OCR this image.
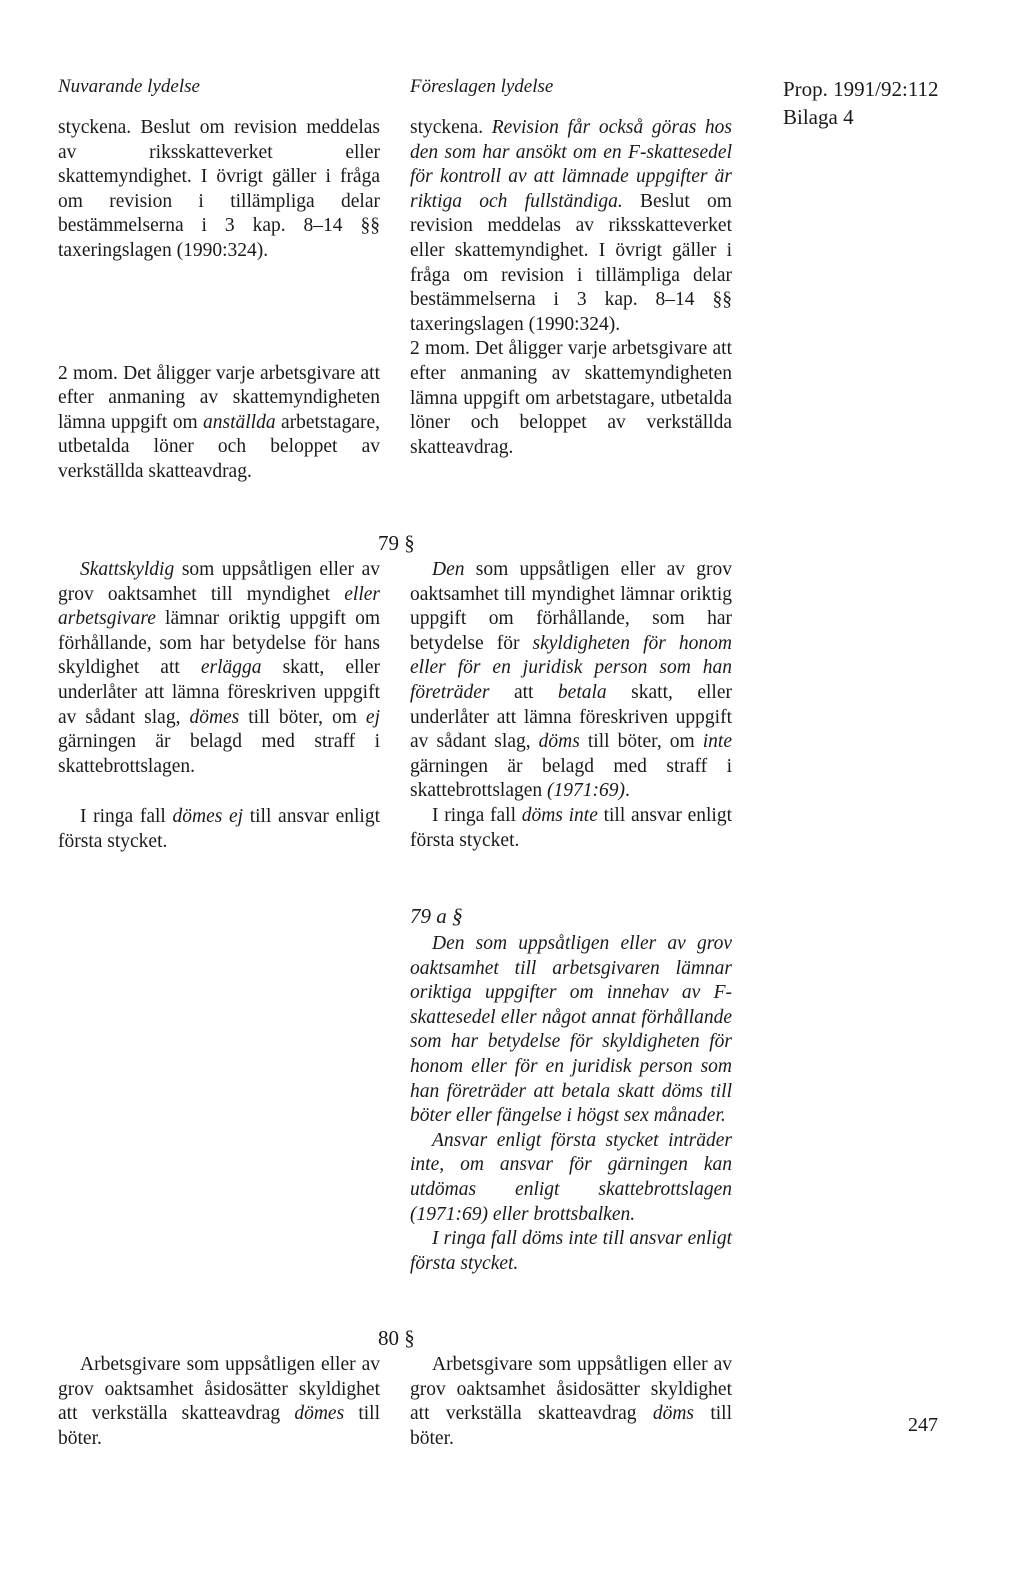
Nuvarande lydelse	Föreslagen lydelse	Prop. 1991/92:112
Bilaga 4

styckena. Beslut om revision meddelas av riksskatteverket eller skattemyndighet. I övrigt gäller i fråga om revision i tillämpliga delar bestämmelserna i 3 kap. 8–14 §§ taxeringslagen (1990:324).

2 mom. Det åligger varje arbetsgivare att efter anmaning av skattemyndigheten lämna uppgift om anställda arbetstagare, utbetalda löner och beloppet av verkställda skatteavdrag.

styckena. Revision får också göras hos den som har ansökt om en F-skattesedel för kontroll av att lämnade uppgifter är riktiga och fullständiga. Beslut om revision meddelas av riksskatteverket eller skattemyndighet. I övrigt gäller i fråga om revision i tillämpliga delar bestämmelserna i 3 kap. 8–14 §§ taxeringslagen (1990:324).

2 mom. Det åligger varje arbetsgivare att efter anmaning av skattemyndigheten lämna uppgift om arbetstagare, utbetalda löner och beloppet av verkställda skatteavdrag.

79 §

Skattskyldig som uppsåtligen eller av grov oaktsamhet till myndighet eller arbetsgivare lämnar oriktig uppgift om förhållande, som har betydelse för hans skyldighet att erlägga skatt, eller underlåter att lämna föreskriven uppgift av sådant slag, dömes till böter, om ej gärningen är belagd med straff i skattebrottslagen.

I ringa fall dömes ej till ansvar enligt första stycket.

Den som uppsåtligen eller av grov oaktsamhet till myndighet lämnar oriktig uppgift om förhållande, som har betydelse för skyldigheten för honom eller för en juridisk person som han företräder att betala skatt, eller underlåter att lämna föreskriven uppgift av sådant slag, döms till böter, om inte gärningen är belagd med straff i skattebrottslagen (1971:69).

I ringa fall döms inte till ansvar enligt första stycket.

79 a §

Den som uppsåtligen eller av grov oaktsamhet till arbetsgivaren lämnar oriktiga uppgifter om innehav av F-skattesedel eller något annat förhållande som har betydelse för skyldigheten för honom eller för en juridisk person som han företräder att betala skatt döms till böter eller fängelse i högst sex månader.

Ansvar enligt första stycket inträder inte, om ansvar för gärningen kan utdömas enligt skattebrottslagen (1971:69) eller brottsbalken.

I ringa fall döms inte till ansvar enligt första stycket.

80 §

Arbetsgivare som uppsåtligen eller av grov oaktsamhet åsidosätter skyldighet att verkställa skatteavdrag dömes till böter.

Arbetsgivare som uppsåtligen eller av grov oaktsamhet åsidosätter skyldighet att verkställa skatteavdrag döms till böter.

247
